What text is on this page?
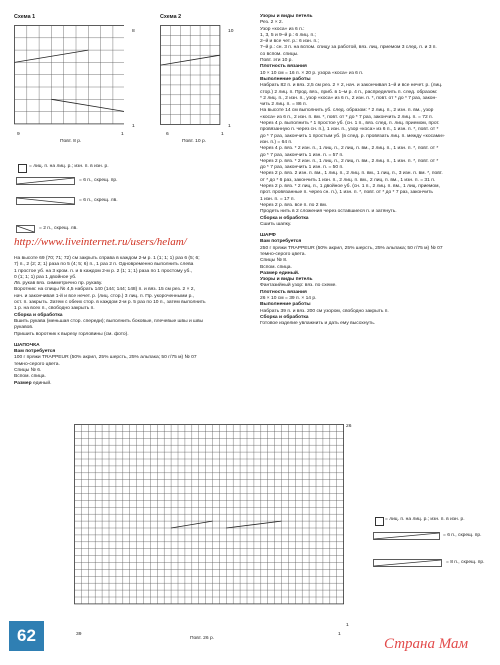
Схема 1
8
1
9	1
Повт. 8 р.
Схема 2
10
1
6	1
Повт. 10 р.
= лиц. п. на лиц. р.; изн. п. в изн. р.
= 6 п., скрещ. пр.
= 6 п., скрещ. лв.
= 2 п., скрещ. лв.
http://www.liveinternet.ru/users/helam/
На высоте 69 (70; 71; 72) см закрыть справа в каждом 2-м р. 1 (1; 1; 1) раз 6 (5; 6;
7) п., 2 (2; 2; 1) раза по 5 (4; 5; 6) п., 1 раз 2 п. Одновременно выполнить слева
1 простое уб. на 3 кром. п. и в каждом 2-м р. 2 (1; 1; 1) раза по 1 простому уб.,
0 (1; 1; 1) раз 1 двойное уб.
Лв. рукав вяз. симметрично пр. рукаву.
Воротник: на спицы № 4,5 набрать 140 (144; 144; 148) п. и вяз. 15 см рез. 2 × 2,
нач. и закончивая 1-й и все нечет. р. (лиц. стор.) 3 лиц. п. Пр. укороченными р.,
ост. п. закрыть. Затем с обеих стор. в каждом 2-м р. 5 раз по 10 п., затем выполнить
1 р. на всех п., свободно закрыть п.
Сборка и обработка
Вшить рукава (меньшая стор. спереди); выполнить боковые, плечевые швы и швы
рукавов.
Пришить воротник к вырезу горловины (см. фото).
ШАПОЧКА
Вам потребуется
100 г пряжи TRAPPEUR (50% акрил, 25% шерсть, 25% альпака; 50 г/75 м) № 07
темно-серого цвета.
Спицы № 6.
Вспом. спица.
Размер единый.
Узоры и виды петель
Рез. 2 × 2.
Узор «коса» из 6 п.:
1, 3, 5 и 9–й р.: 6 лиц. п.;
2–й и все чет. р.: 6 изн. п.;
7–й р.: сн. 3 п. на вспом. спицу за работой, вяз. лиц. приемом 3 след. п. и 3 п.
со вспом. спицы.
Повт. эти 10 р.
Плотность вязания
10 × 10 см = 16 п. × 20 р. узора «коса» из 6 п.
Выполнение работы
Набрать 82 п. и вяз. 2,5 см рез. 2 × 2, нач. и закончивая 1–й и все нечет. р. (лиц.
стор.) 2 лиц. п. Прод. вяз., приб. в 1–м р. 4 п., распределить п. след. образом:
* 2 лиц. п., 2 изн. п., узор «коса» из 6 п., 2 изн. п. *, повт. от * до * 7 раз, закон-
чить 2 лиц. п. = 86 п.
На высоте 14 см выполнить уб. след. образом: * 2 лиц. п., 2 изн. п. вм., узор
«коса» из 6 п., 2 изн. п. вм. *, повт. от * до * 7 раз, закончить 2 лиц. п. = 72 п.
Через 4 р. выполнить * 1 простое уб. (сн. 1 п., вяз. след. п. лиц. приемом, прот.
провязанную п. через сн. п.), 1 изн. п., узор «коса» из 6 п., 1 изн. п. *, повт. от *
до * 7 раз, закончить 1 простым уб. (в след. р. провязать лиц. п. между «косами»
изн. п.) = 64 п.
Через 4 р. вяз. * 2 изн. п., 1 лиц. п., 2 лиц. п. вм., 2 лиц. п., 1 изн. п. *, повт. от *
до * 7 раз, закончить 1 изн. п. = 57 п.
Через 2 р. вяз. * 2 изн. п., 1 лиц. п., 2 лиц. п. вм., 2 лиц. п., 1 изн. п. *, повт. от *
до * 7 раз, закончить 1 изн. п. = 50 п.
Через 2 р. вяз. 2 изн. п. вм., 1 лиц. п., 2 лиц. п. вм., 1 лиц. п., 3 изн. п. вм. *, повт.
от * до * 6 раз, закончить 1 изн. п., 2 лиц. п. вм., 2 лиц. п. вм., 1 изн. п. = 31 п.
Через 2 р. вяз. * 2 лиц. п., 1 двойное уб. (сн. 1 п., 2 лиц. п. вм., 1 лиц. приемом,
прот. провязанные п. через сн. п.), 1 изн. п. *, повт. от * до * 7 раз, закончить
1 изн. п. = 17 п.
Через 2 р. вяз. все п. по 2 вм.
Продеть нить в 2 сложения через оставшиеся п. и затянуть.
Сборка и обработка
Сшить шапку.
ШАРФ
Вам потребуется
250 г пряжи TRAPPEUR (50% акрил, 25% шерсть, 25% альпака; 50 г/75 м) № 07
темно-серого цвета.
Спицы № 8.
Вспом. спица.
Размер единый.
Узоры и виды петель
Фантазийный узор: вяз. по схеме.
Плотность вязания
26 × 10 см = 39 п. × 14 р.
Выполнение работы
Набрать 39 п. и вяз. 200 см узором, свободно закрыть п.
Сборка и обработка
Готовое изделие увлажнить и дать ему высохнуть.
26
1
39	1
Повт. 26 р.
= лиц. п. на лиц. р.; изн. п. в изн. р.
= 6 п., скрещ. пр.
= 8 п., скрещ. пр.
62	Страна Мам
